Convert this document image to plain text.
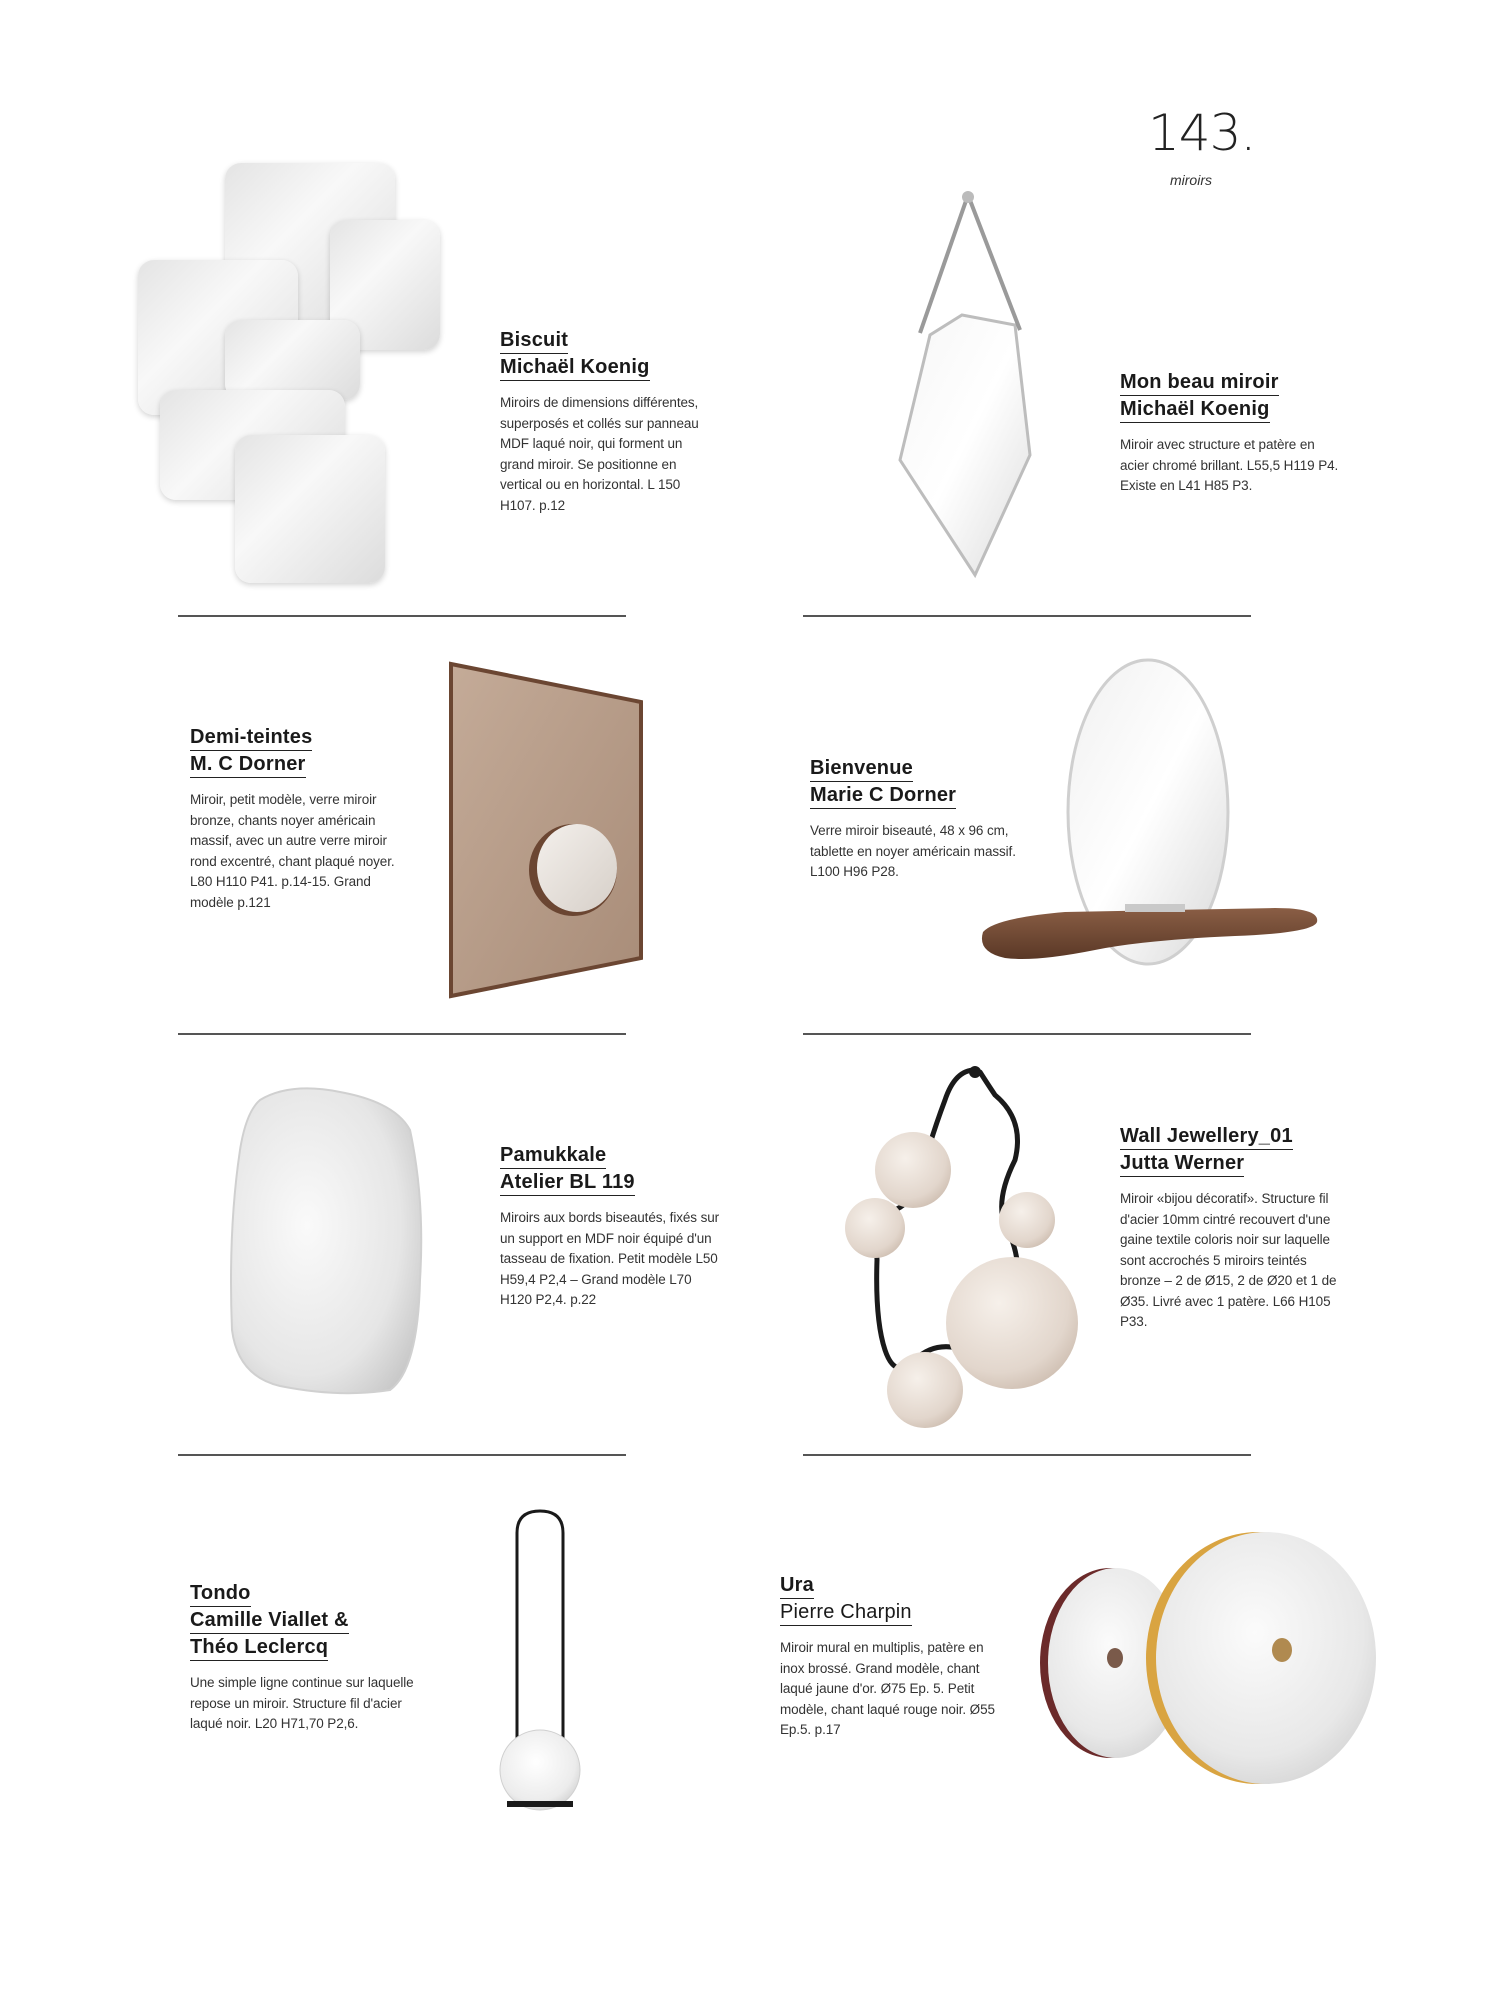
143.
miroirs
Biscuit
Michaël Koenig
Miroirs de dimensions différentes, superposés et collés sur panneau MDF laqué noir, qui forment un grand miroir. Se positionne en vertical ou en horizontal. L 150 H107. p.12
Mon beau miroir
Michaël Koenig
Miroir avec structure et patère en acier chromé brillant. L55,5 H119 P4. Existe en L41 H85 P3.
Demi-teintes
M. C Dorner
Miroir, petit modèle, verre miroir bronze, chants noyer américain massif, avec un autre verre miroir rond excentré, chant plaqué noyer. L80 H110 P41. p.14-15. Grand modèle p.121
Bienvenue
Marie C Dorner
Verre miroir biseauté, 48 x 96 cm, tablette en noyer américain massif. L100 H96 P28.
Pamukkale
Atelier BL 119
Miroirs aux bords biseautés, fixés sur un support en MDF noir équipé d'un tasseau de fixation. Petit modèle L50 H59,4 P2,4 – Grand modèle L70 H120 P2,4. p.22
Wall Jewellery_01
Jutta Werner
Miroir «bijou décoratif». Structure fil d'acier 10mm cintré recouvert d'une gaine textile coloris noir sur laquelle sont accrochés 5 miroirs teintés bronze – 2 de Ø15, 2 de Ø20 et 1 de Ø35. Livré avec 1 patère. L66 H105 P33.
Tondo
Camille Viallet &
Théo Leclercq
Une simple ligne continue sur laquelle repose un miroir. Structure fil d'acier laqué noir. L20 H71,70 P2,6.
Ura
Pierre Charpin
Miroir mural en multiplis, patère en inox brossé. Grand modèle, chant laqué jaune d'or. Ø75 Ep. 5. Petit modèle, chant laqué rouge noir. Ø55 Ep.5. p.17
